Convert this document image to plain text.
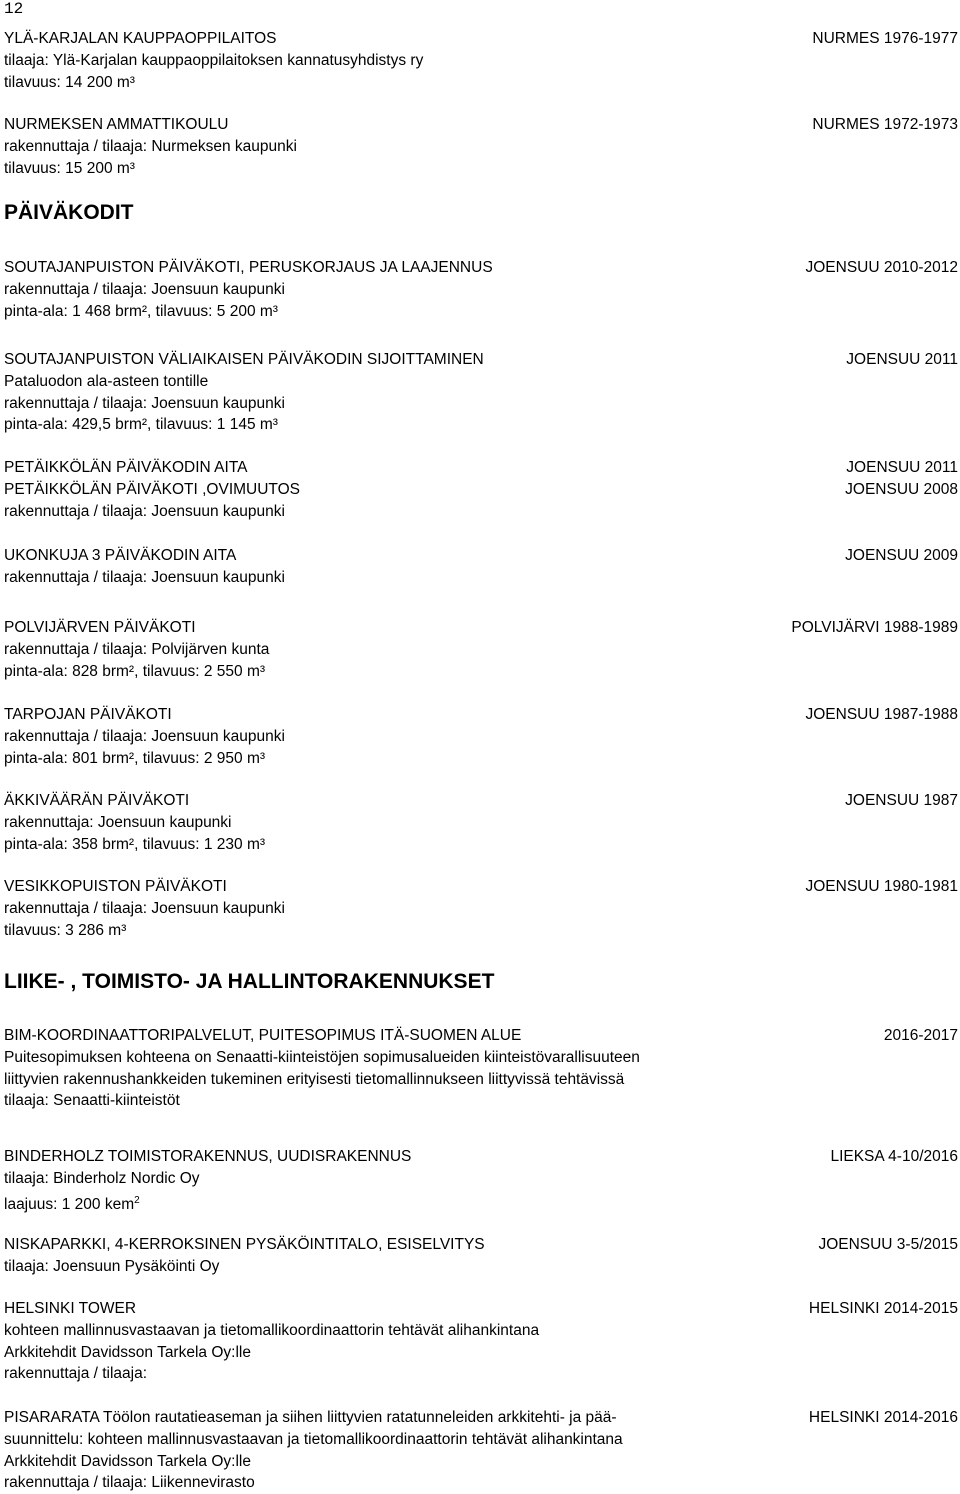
12
YLÄ-KARJALAN KAUPPAOPPILAITOS	NURMES 1976-1977
tilaaja: Ylä-Karjalan kauppaoppilaitoksen kannatusyhdistys ry
tilavuus: 14 200 m³
NURMEKSEN AMMATTIKOULU	NURMES 1972-1973
rakennuttaja / tilaaja: Nurmeksen kaupunki
tilavuus: 15 200 m³
PÄIVÄKODIT
SOUTAJANPUISTON PÄIVÄKOTI, PERUSKORJAUS JA LAAJENNUS	JOENSUU 2010-2012
rakennuttaja / tilaaja: Joensuun kaupunki
pinta-ala: 1 468 brm², tilavuus: 5 200 m³
SOUTAJANPUISTON VÄLIAIKAISEN PÄIVÄKODIN SIJOITTAMINEN	JOENSUU 2011
Pataluodon ala-asteen tontille
rakennuttaja / tilaaja: Joensuun kaupunki
pinta-ala: 429,5 brm², tilavuus: 1 145 m³
PETÄIKKÖLÄN PÄIVÄKODIN AITA	JOENSUU 2011
PETÄIKKÖLÄN PÄIVÄKOTI ,OVIMUUTOS	JOENSUU 2008
rakennuttaja / tilaaja: Joensuun kaupunki
UKONKUJA 3 PÄIVÄKODIN AITA	JOENSUU 2009
rakennuttaja / tilaaja: Joensuun kaupunki
POLVIJÄRVEN PÄIVÄKOTI	POLVIJÄRVI 1988-1989
rakennuttaja / tilaaja: Polvijärven kunta
pinta-ala: 828 brm², tilavuus: 2 550 m³
TARPOJAN PÄIVÄKOTI	JOENSUU 1987-1988
rakennuttaja / tilaaja: Joensuun kaupunki
pinta-ala: 801 brm², tilavuus: 2 950 m³
ÄKKIVÄÄRÄN PÄIVÄKOTI	JOENSUU 1987
rakennuttaja: Joensuun kaupunki
pinta-ala: 358 brm², tilavuus: 1 230 m³
VESIKKOPUISTON PÄIVÄKOTI	JOENSUU 1980-1981
rakennuttaja / tilaaja: Joensuun kaupunki
tilavuus: 3 286 m³
LIIKE- , TOIMISTO- JA HALLINTORAKENNUKSET
BIM-KOORDINAATTORIPALVELUT, PUITESOPIMUS ITÄ-SUOMEN ALUE	2016-2017
Puitesopimuksen kohteena on Senaatti-kiinteistöjen sopimusalueiden kiinteistövarallisuuteen
liittyvien rakennushankkeiden tukeminen erityisesti tietomallinnukseen liittyvissä tehtävissä
tilaaja: Senaatti-kiinteistöt
BINDERHOLZ TOIMISTORAKENNUS, UUDISRAKENNUS	LIEKSA 4-10/2016
tilaaja: Binderholz Nordic Oy
laajuus: 1 200 kem$^2$
NISKAPARKKI, 4-KERROKSINEN PYSÄKÖINTITALO, ESISELVITYS	JOENSUU 3-5/2015
tilaaja: Joensuun Pysäköinti Oy
HELSINKI TOWER	HELSINKI 2014-2015
kohteen mallinnusvastaavan ja tietomallikoordinaattorin tehtävät alihankintana
Arkkitehdit Davidsson Tarkela Oy:lle
rakennuttaja / tilaaja:
PISARARATA Töölon rautatieaseman ja siihen liittyvien ratatunneleiden arkkitehti- ja pää-	HELSINKI 2014-2016
suunnittelu: kohteen mallinnusvastaavan ja tietomallikoordinaattorin tehtävät alihankintana
Arkkitehdit Davidsson Tarkela Oy:lle
rakennuttaja / tilaaja: Liikennevirasto
